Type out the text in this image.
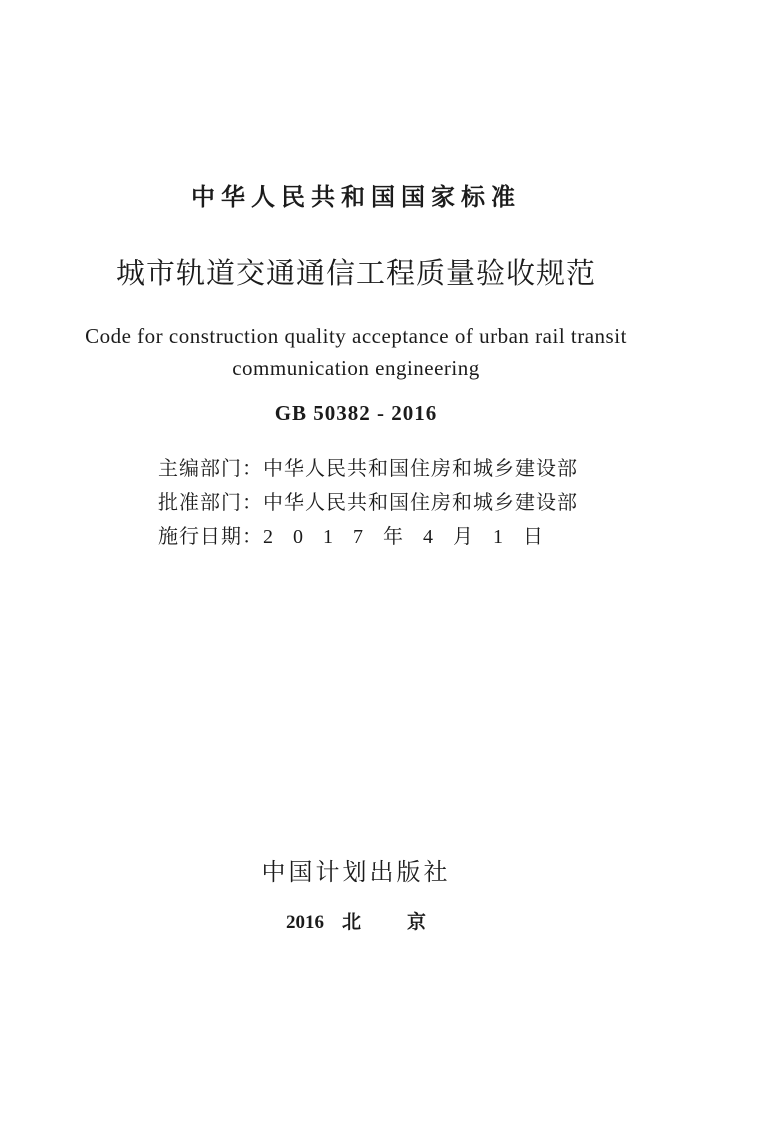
中华人民共和国国家标准
城市轨道交通通信工程质量验收规范
Code for construction quality acceptance of urban rail transit
communication engineering
GB 50382 - 2016
主编部门：中华人民共和国住房和城乡建设部
批准部门：中华人民共和国住房和城乡建设部
施行日期：2017年4月1日
中国计划出版社
2016 北 京
